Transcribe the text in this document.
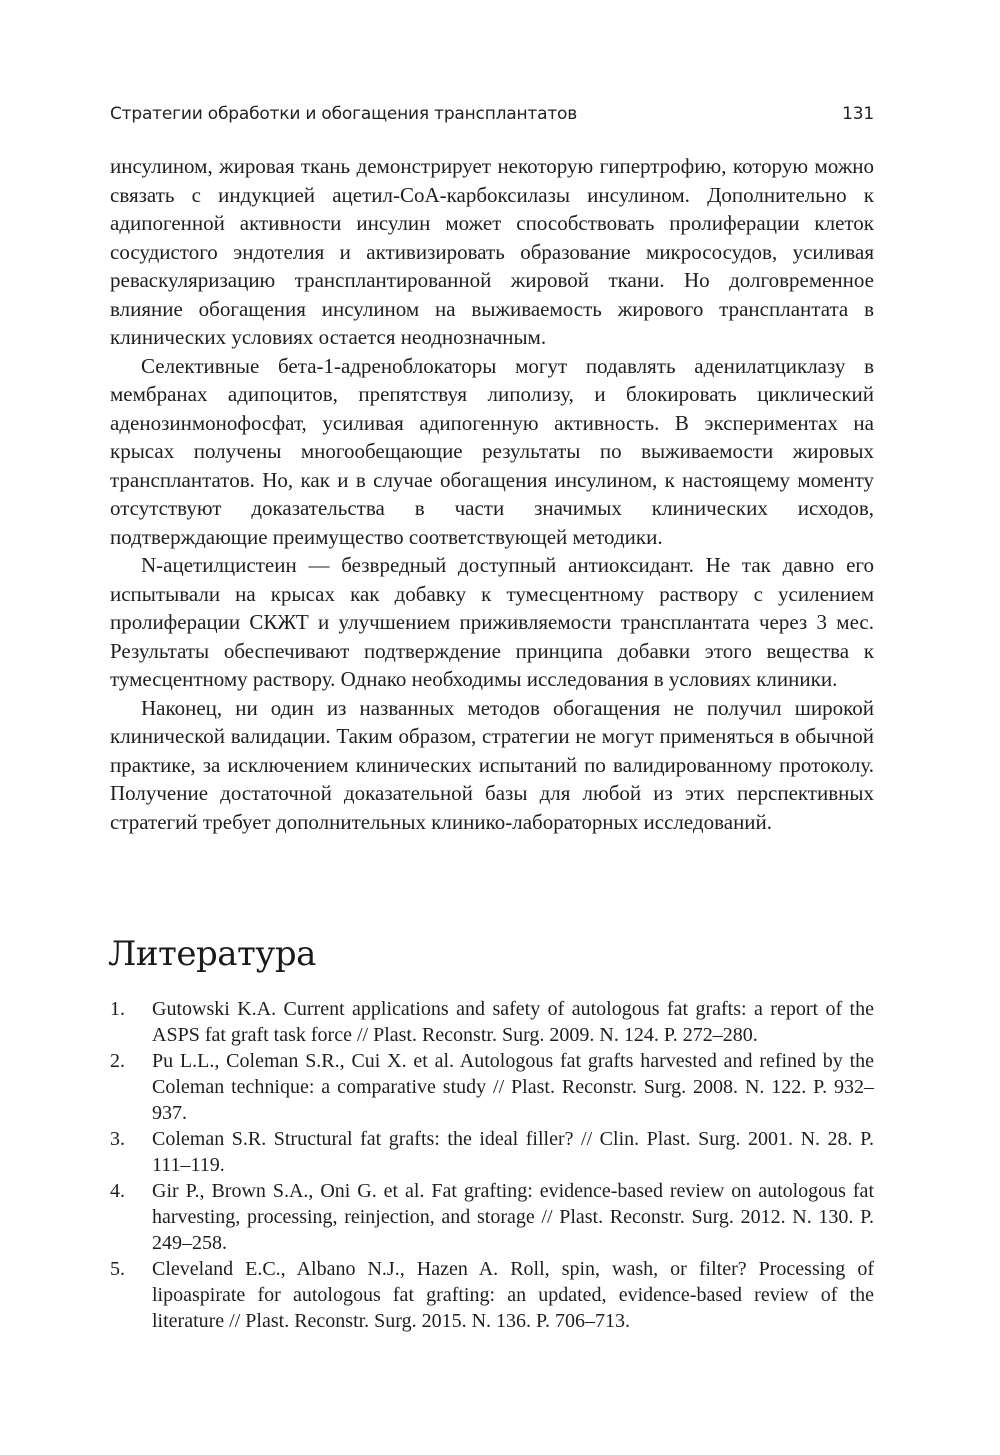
Стратегии обработки и обогащения трансплантатов	131

инсулином, жировая ткань демонстрирует некоторую гипертрофию, которую можно связать с индукцией ацетил-CoA-карбоксилазы инсулином. Дополнительно к адипогенной активности инсулин может способствовать пролиферации клеток сосудистого эндотелия и активизировать образование микрососудов, усиливая реваскуляризацию трансплантированной жировой ткани. Но долговременное влияние обогащения инсулином на выживаемость жирового трансплантата в клинических условиях остается неоднозначным.

Селективные бета-1-адреноблокаторы могут подавлять аденилатциклазу в мембранах адипоцитов, препятствуя липолизу, и блокировать циклический аденозинмонофосфат, усиливая адипогенную активность. В экспериментах на крысах получены многообещающие результаты по выживаемости жировых трансплантатов. Но, как и в случае обогащения инсулином, к настоящему моменту отсутствуют доказательства в части значимых клинических исходов, подтверждающие преимущество соответствующей методики.

N-ацетилцистеин — безвредный доступный антиоксидант. Не так давно его испытывали на крысах как добавку к тумесцентному раствору с усилением пролиферации СКЖТ и улучшением приживляемости трансплантата через 3 мес. Результаты обеспечивают подтверждение принципа добавки этого вещества к тумесцентному раствору. Однако необходимы исследования в условиях клиники.

Наконец, ни один из названных методов обогащения не получил широкой клинической валидации. Таким образом, стратегии не могут применяться в обычной практике, за исключением клинических испытаний по валидированному протоколу. Получение достаточной доказательной базы для любой из этих перспективных стратегий требует дополнительных клинико-лабораторных исследований.

Литература
1. Gutowski K.A. Current applications and safety of autologous fat grafts: a report of the ASPS fat graft task force // Plast. Reconstr. Surg. 2009. N. 124. P. 272–280.
2. Pu L.L., Coleman S.R., Cui X. et al. Autologous fat grafts harvested and refined by the Coleman technique: a comparative study // Plast. Reconstr. Surg. 2008. N. 122. P. 932–937.
3. Coleman S.R. Structural fat grafts: the ideal filler? // Clin. Plast. Surg. 2001. N. 28. P. 111–119.
4. Gir P., Brown S.A., Oni G. et al. Fat grafting: evidence-based review on autologous fat harvesting, processing, reinjection, and storage // Plast. Reconstr. Surg. 2012. N. 130. P. 249–258.
5. Cleveland E.C., Albano N.J., Hazen A. Roll, spin, wash, or filter? Processing of lipoaspirate for autologous fat grafting: an updated, evidence-based review of the literature // Plast. Reconstr. Surg. 2015. N. 136. P. 706–713.
